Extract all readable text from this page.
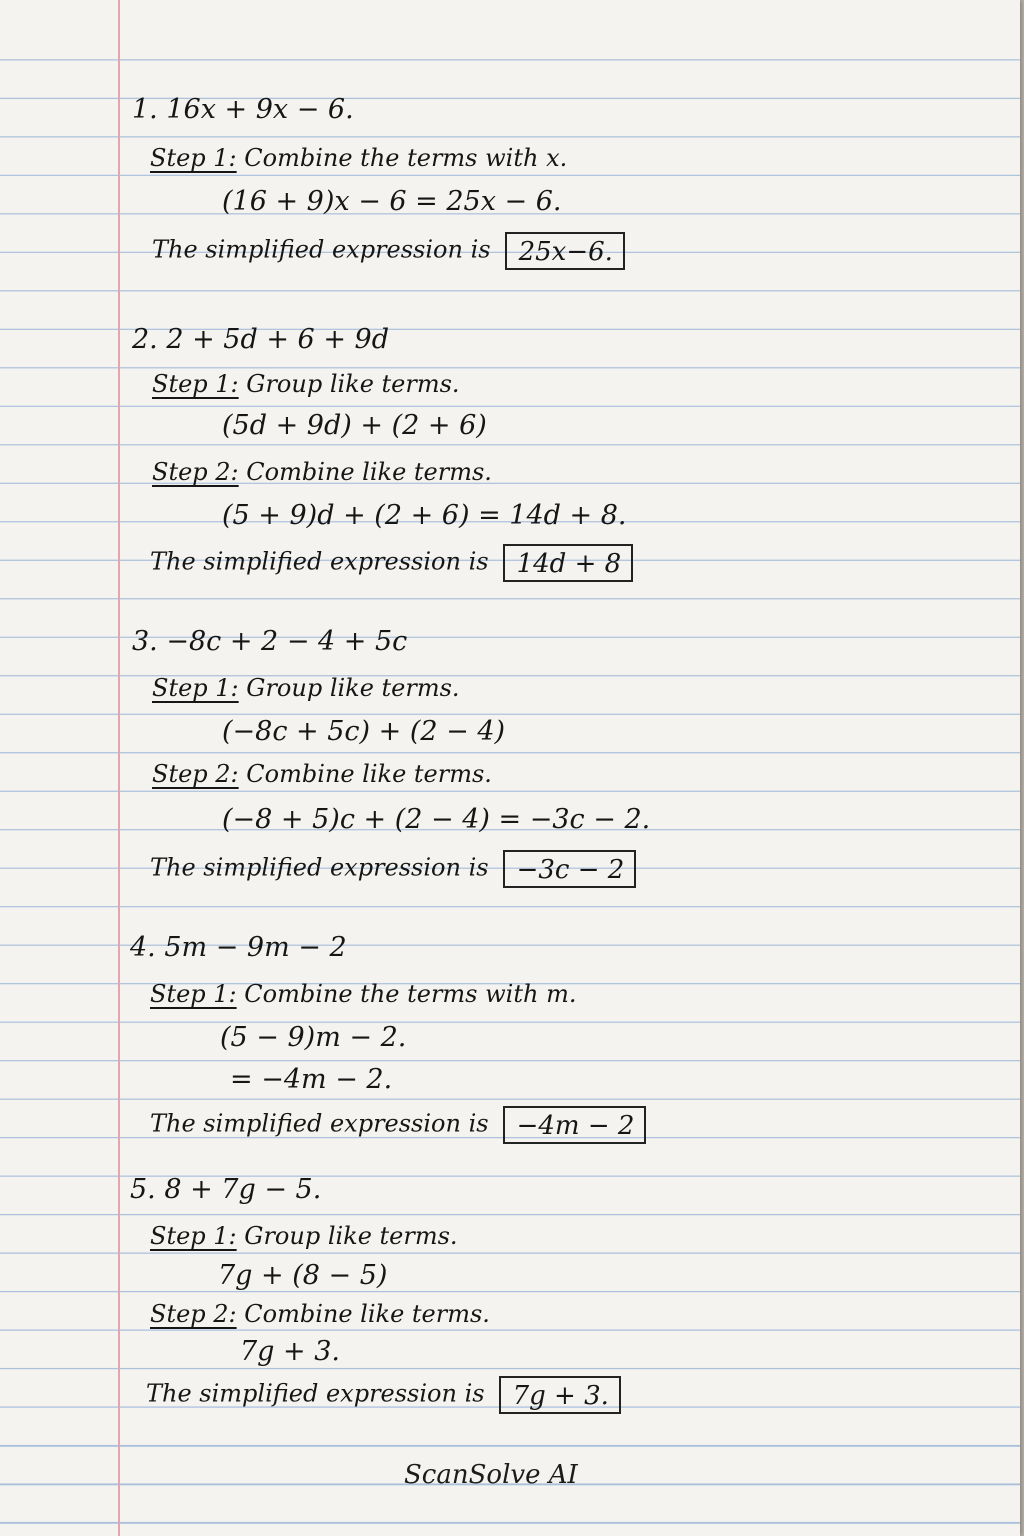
1. 16x + 9x − 6.
Step 1: Combine the terms with x.
(16 + 9)x − 6 = 25x − 6.
The simplified expression is 25x−6.
2. 2 + 5d + 6 + 9d
Step 1: Group like terms.
(5d + 9d) + (2 + 6)
Step 2: Combine like terms.
(5 + 9)d + (2 + 6) = 14d + 8.
The simplified expression is 14d + 8
3. −8c + 2 − 4 + 5c
Step 1: Group like terms.
(−8c + 5c) + (2 − 4)
Step 2: Combine like terms.
(−8 + 5)c + (2 − 4) = −3c − 2.
The simplified expression is −3c − 2
4. 5m − 9m − 2
Step 1: Combine the terms with m.
(5 − 9)m − 2.
= −4m − 2.
The simplified expression is −4m − 2
5. 8 + 7g − 5.
Step 1: Group like terms.
7g + (8 − 5)
Step 2: Combine like terms.
7g + 3.
The simplified expression is 7g + 3.
ScanSolve AI
